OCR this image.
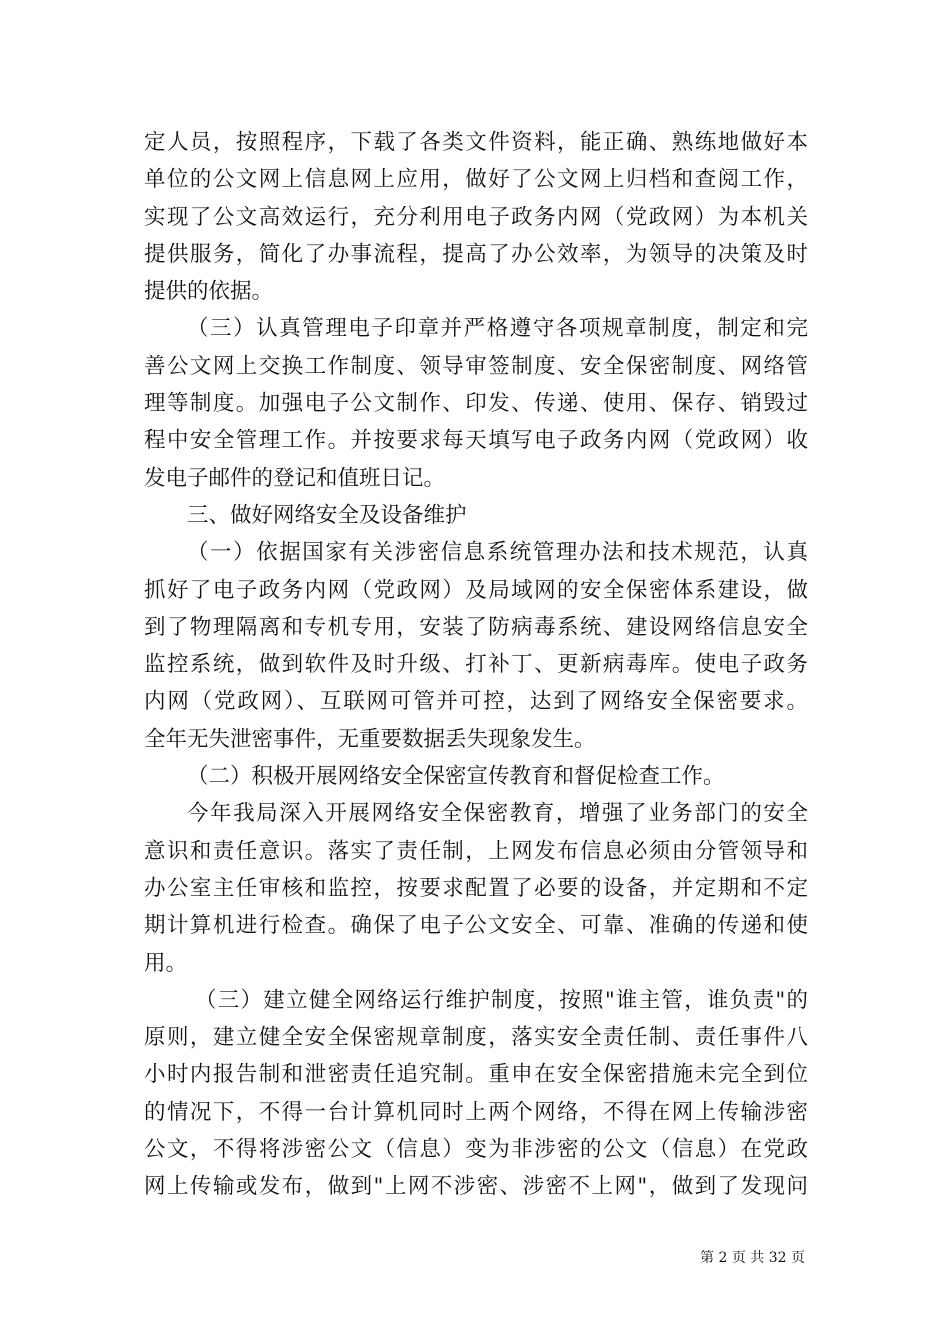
定人员，按照程序，下载了各类文件资料，能正确、熟练地做好本
单位的公文网上信息网上应用，做好了公文网上归档和查阅工作，
实现了公文高效运行，充分利用电子政务内网（党政网）为本机关
提供服务，简化了办事流程，提高了办公效率，为领导的决策及时
提供的依据。
（三）认真管理电子印章并严格遵守各项规章制度，制定和完
善公文网上交换工作制度、领导审签制度、安全保密制度、网络管
理等制度。加强电子公文制作、印发、传递、使用、保存、销毁过
程中安全管理工作。并按要求每天填写电子政务内网（党政网）收
发电子邮件的登记和值班日记。
三、做好网络安全及设备维护
（一）依据国家有关涉密信息系统管理办法和技术规范，认真
抓好了电子政务内网（党政网）及局域网的安全保密体系建设，做
到了物理隔离和专机专用，安装了防病毒系统、建设网络信息安全
监控系统，做到软件及时升级、打补丁、更新病毒库。使电子政务
内网（党政网）、互联网可管并可控，达到了网络安全保密要求。
全年无失泄密事件，无重要数据丢失现象发生。
（二）积极开展网络安全保密宣传教育和督促检查工作。
今年我局深入开展网络安全保密教育，增强了业务部门的安全
意识和责任意识。落实了责任制，上网发布信息必须由分管领导和
办公室主任审核和监控，按要求配置了必要的设备，并定期和不定
期计算机进行检查。确保了电子公文安全、可靠、准确的传递和使
用。
（三）建立健全网络运行维护制度，按照"谁主管，谁负责"的
原则，建立健全安全保密规章制度，落实安全责任制、责任事件八
小时内报告制和泄密责任追究制。重申在安全保密措施未完全到位
的情况下，不得一台计算机同时上两个网络，不得在网上传输涉密
公文，不得将涉密公文（信息）变为非涉密的公文（信息）在党政
网上传输或发布，做到"上网不涉密、涉密不上网"，做到了发现问
第 2 页 共 32 页
